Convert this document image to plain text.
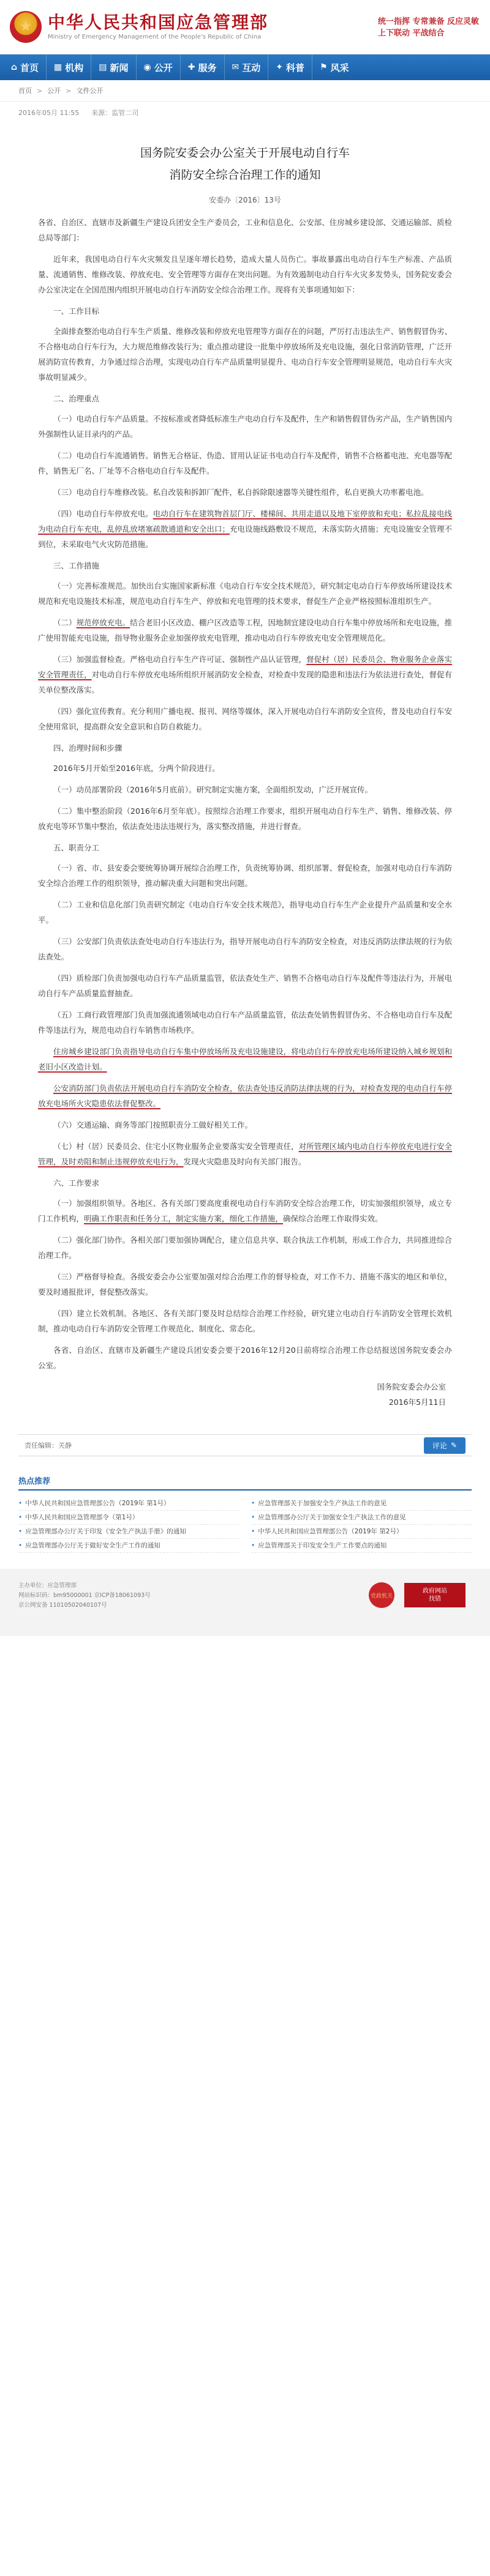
★ 中华人民共和国应急管理部
Ministry of Emergency Management of the People's Republic of China
统一指挥 专常兼备 反应灵敏
上下联动 平战结合
⌂ 首页 ▦ 机构 ▤ 新闻 ◉ 公开 ✚ 服务 ✉ 互动 ✦ 科普 ⚑ 风采
首页 > 公开 > 文件公开
2016年05月 11:55 来源：监管二司
国务院安委会办公室关于开展电动自行车
消防安全综合治理工作的通知
安委办〔2016〕13号

各省、自治区、直辖市及新疆生产建设兵团安全生产委员会，工业和信息化、公安部、住房城乡建设部、交通运输部、质检总局等部门：

近年来，我国电动自行车火灾频发且呈逐年增长趋势，造成大量人员伤亡。事故暴露出电动自行车生产标准、产品质量、流通销售、维修改装、停放充电、安全管理等方面存在突出问题。为有效遏制电动自行车火灾多发势头，国务院安委会办公室决定在全国范围内组织开展电动自行车消防安全综合治理工作。现将有关事项通知如下：

一、工作目标

全面排查整治电动自行车生产质量、维修改装和停放充电管理等方面存在的问题，严厉打击违法生产、销售假冒伪劣、不合格电动自行车行为，大力规范维修改装行为；重点推动建设一批集中停放场所及充电设施，强化日常消防管理，广泛开展消防宣传教育，力争通过综合治理，实现电动自行车产品质量明显提升、电动自行车安全管理明显规范，电动自行车火灾事故明显减少。

二、治理重点

（一）电动自行车产品质量。不按标准或者降低标准生产电动自行车及配件，生产和销售假冒伪劣产品，生产销售国内外强制性认证目录内的产品。

（二）电动自行车流通销售。销售无合格证、伪造、冒用认证证书电动自行车及配件，销售不合格蓄电池、充电器等配件，销售无厂名、厂址等不合格电动自行车及配件。

（三）电动自行车维修改装。私自改装和拆卸厂配件，私自拆除限速器等关键性组件，私自更换大功率蓄电池。

（四）电动自行车停放充电。电动自行车在建筑物首层门厅、楼梯间、共用走道以及地下室停放和充电；私拉乱接电线为电动自行车充电，乱停乱放堵塞疏散通道和安全出口；充电设施线路敷设不规范，未落实防火措施；充电设施安全管理不到位，未采取电气火灾防范措施。

三、工作措施

（一）完善标准规范。加快出台实施国家新标准《电动自行车安全技术规范》，研究制定电动自行车停放场所建设技术规范和充电设施技术标准，规范电动自行车生产、停放和充电管理的技术要求，督促生产企业严格按照标准组织生产。

（二）规范停放充电。结合老旧小区改造、棚户区改造等工程，因地制宜建设电动自行车集中停放场所和充电设施，推广使用智能充电设施，指导物业服务企业加强停放充电管理，推动电动自行车停放充电安全管理规范化。

（三）加强监督检查。严格电动自行车生产许可证、强制性产品认证管理，督促村（居）民委员会、物业服务企业落实安全管理责任，对电动自行车停放充电场所组织开展消防安全检查，对检查中发现的隐患和违法行为依法进行查处，督促有关单位整改落实。

（四）强化宣传教育。充分利用广播电视、报刊、网络等媒体，深入开展电动自行车消防安全宣传，普及电动自行车安全使用常识，提高群众安全意识和自防自救能力。

四、治理时间和步骤

2016年5月开始至2016年底，分两个阶段进行。

（一）动员部署阶段（2016年5月底前）。研究制定实施方案，全面组织发动，广泛开展宣传。

（二）集中整治阶段（2016年6月至年底）。按照综合治理工作要求，组织开展电动自行车生产、销售、维修改装、停放充电等环节集中整治，依法查处违法违规行为，落实整改措施，并进行督查。

五、职责分工

（一）省、市、县安委会要统筹协调开展综合治理工作，负责统筹协调、组织部署、督促检查，加强对电动自行车消防安全综合治理工作的组织领导，推动解决重大问题和突出问题。

（二）工业和信息化部门负责研究制定《电动自行车安全技术规范》，指导电动自行车生产企业提升产品质量和安全水平。

（三）公安部门负责依法查处电动自行车违法行为，指导开展电动自行车消防安全检查，对违反消防法律法规的行为依法查处。

（四）质检部门负责加强电动自行车产品质量监管，依法查处生产、销售不合格电动自行车及配件等违法行为，开展电动自行车产品质量监督抽查。

（五）工商行政管理部门负责加强流通领域电动自行车产品质量监管，依法查处销售假冒伪劣、不合格电动自行车及配件等违法行为，规范电动自行车销售市场秩序。

住房城乡建设部门负责指导电动自行车集中停放场所及充电设施建设，将电动自行车停放充电场所建设纳入城乡规划和老旧小区改造计划。

公安消防部门负责依法开展电动自行车消防安全检查，依法查处违反消防法律法规的行为，对检查发现的电动自行车停放充电场所火灾隐患依法督促整改。

（六）交通运输、商务等部门按照职责分工做好相关工作。

（七）村（居）民委员会、住宅小区物业服务企业要落实安全管理责任，对所管理区域内电动自行车停放充电进行安全管理，及时劝阻和制止违规停放充电行为，发现火灾隐患及时向有关部门报告。

六、工作要求

（一）加强组织领导。各地区、各有关部门要高度重视电动自行车消防安全综合治理工作，切实加强组织领导，成立专门工作机构，明确工作职责和任务分工，制定实施方案，细化工作措施，确保综合治理工作取得实效。

（二）强化部门协作。各相关部门要加强协调配合，建立信息共享、联合执法工作机制，形成工作合力，共同推进综合治理工作。

（三）严格督导检查。各级安委会办公室要加强对综合治理工作的督导检查，对工作不力、措施不落实的地区和单位，要及时通报批评，督促整改落实。

（四）建立长效机制。各地区、各有关部门要及时总结综合治理工作经验，研究建立电动自行车消防安全管理长效机制，推动电动自行车消防安全管理工作规范化、制度化、常态化。

各省、自治区、直辖市及新疆生产建设兵团安委会要于2016年12月20日前将综合治理工作总结报送国务院安委会办公室。

国务院安委会办公室
2016年5月11日
责任编辑：关静	评论 ✎
热点推荐
• 中华人民共和国应急管理部公告（2019年 第1号）	• 应急管理部关于加强安全生产执法工作的意见
• 中华人民共和国应急管理部令（第1号）	• 应急管理部办公厅关于加强安全生产执法工作的意见
• 应急管理部办公厅关于印发《安全生产执法手册》的通知	• 中华人民共和国应急管理部公告（2019年 第2号）
• 应急管理部办公厅关于做好安全生产工作的通知	• 应急管理部关于印发安全生产工作要点的通知
主办单位：应急管理部
网站标识码：bm95000001 京ICP备18061093号
京公网安备 11010502040107号
党政机关
政府网站
找错
